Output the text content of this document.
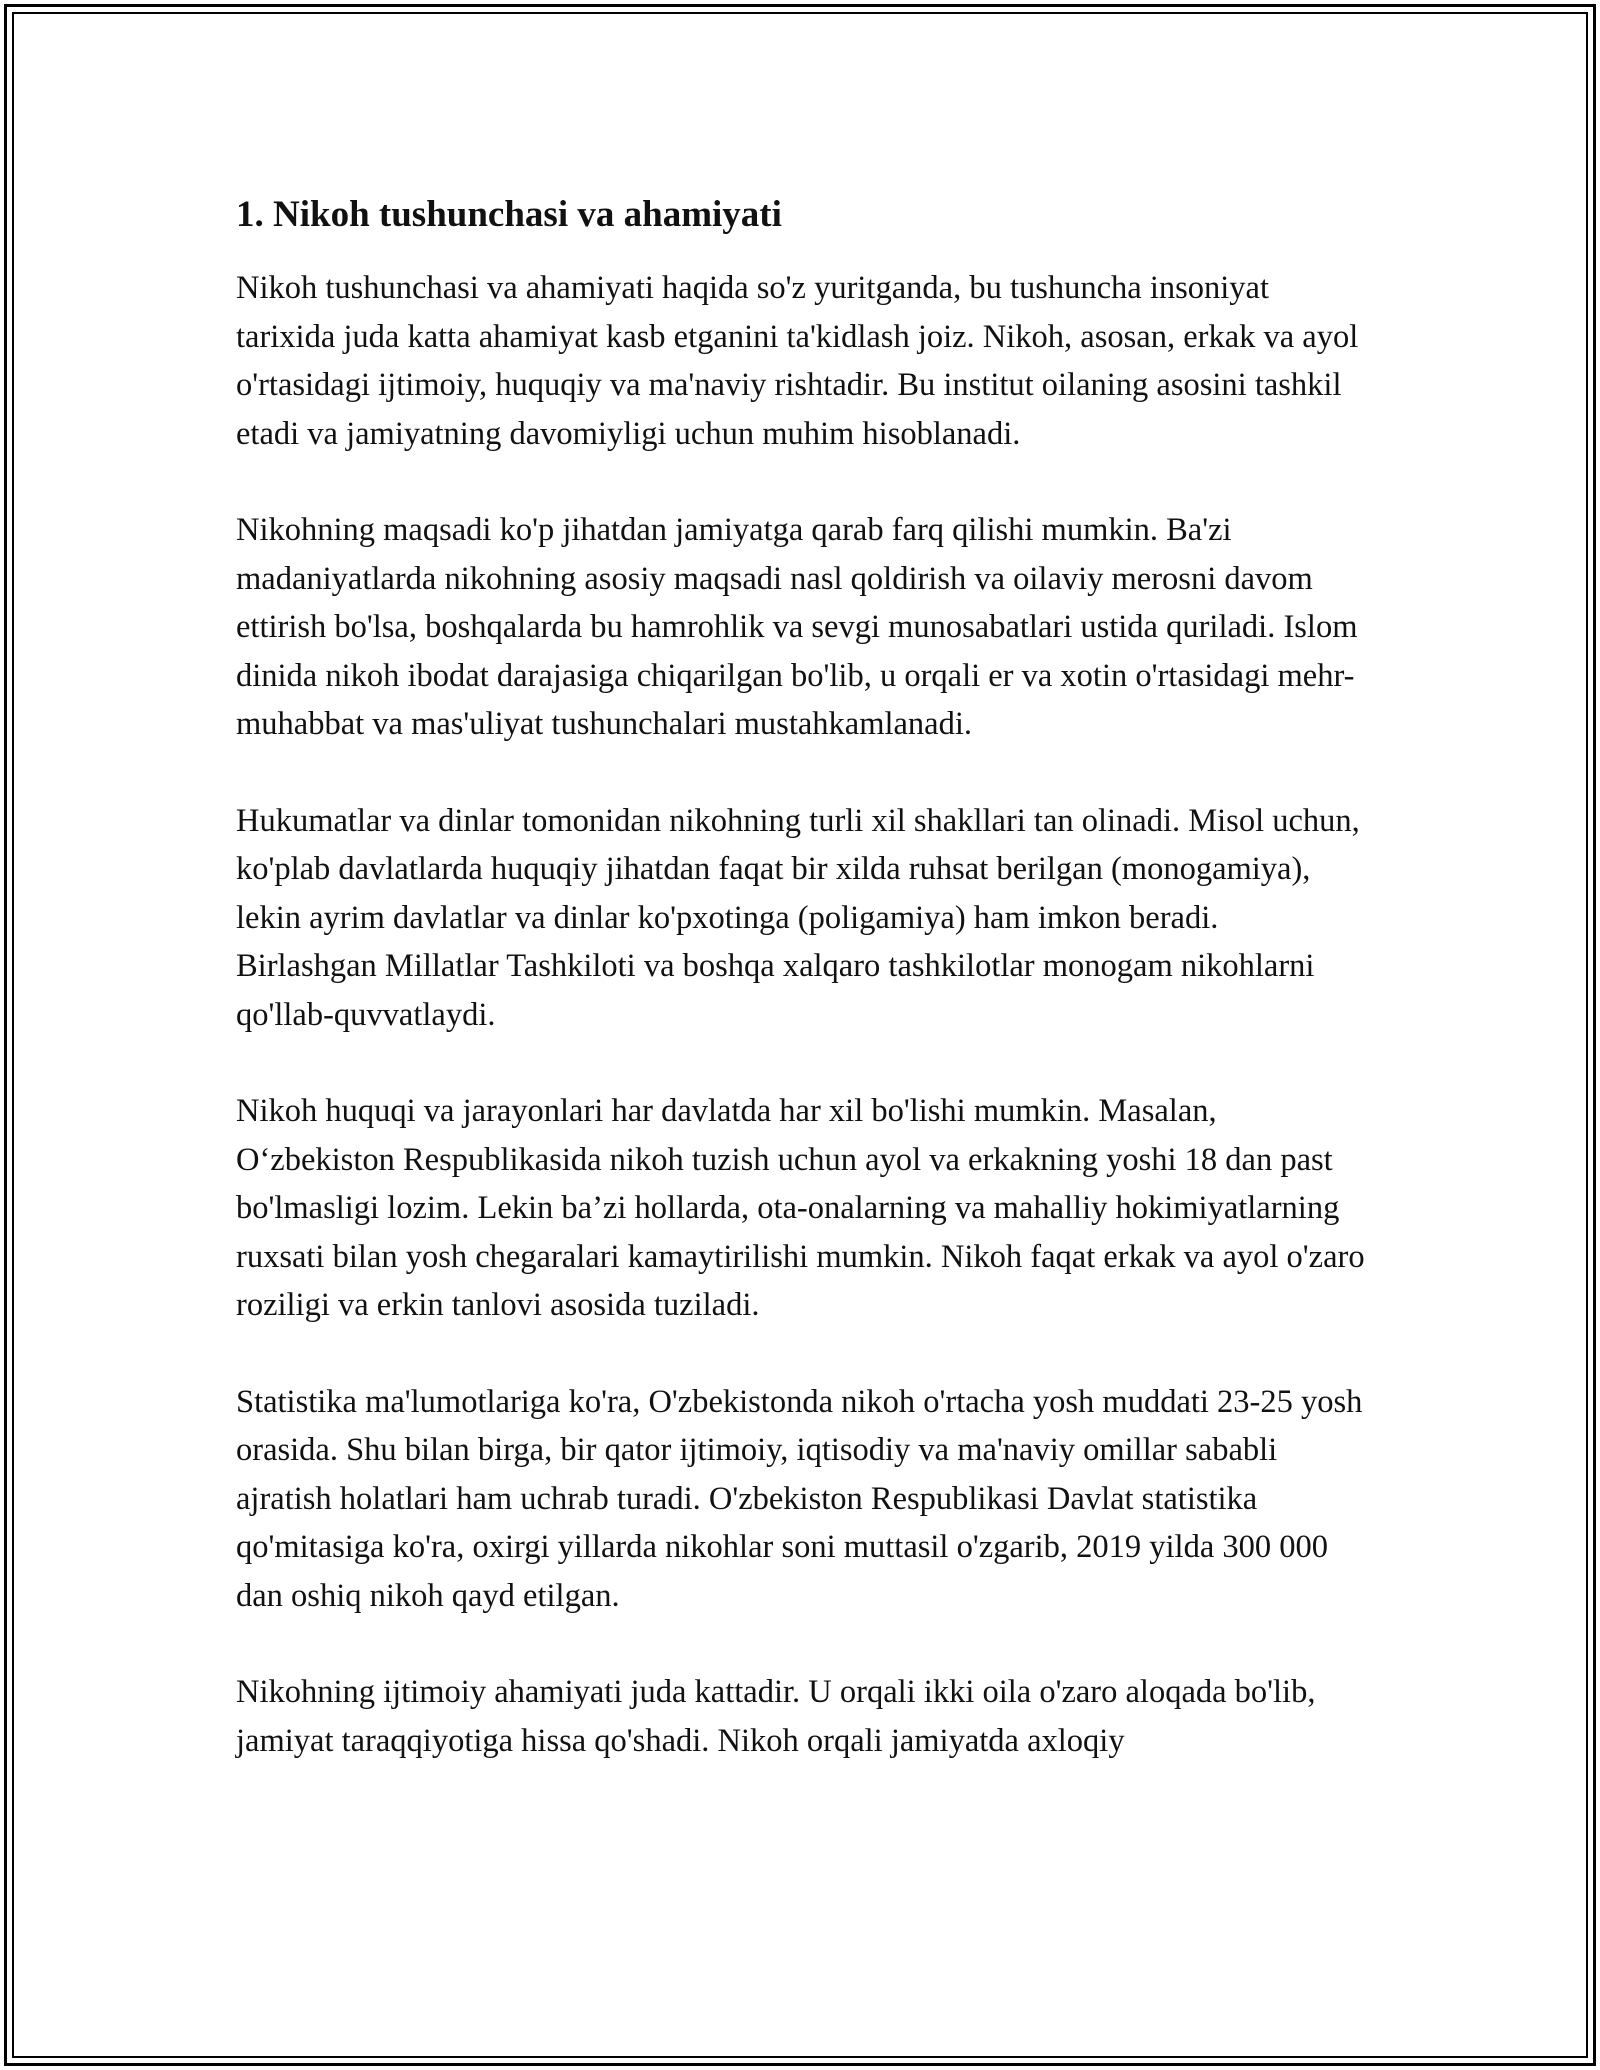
1. Nikoh tushunchasi va ahamiyati

Nikoh tushunchasi va ahamiyati haqida so'z yuritganda, bu tushuncha insoniyat tarixida juda katta ahamiyat kasb etganini ta'kidlash joiz. Nikoh, asosan, erkak va ayol o'rtasidagi ijtimoiy, huquqiy va ma'naviy rishtadir. Bu institut oilaning asosini tashkil etadi va jamiyatning davomiyligi uchun muhim hisoblanadi.

Nikohning maqsadi ko'p jihatdan jamiyatga qarab farq qilishi mumkin. Ba'zi madaniyatlarda nikohning asosiy maqsadi nasl qoldirish va oilaviy merosni davom ettirish bo'lsa, boshqalarda bu hamrohlik va sevgi munosabatlari ustida quriladi. Islom dinida nikoh ibodat darajasiga chiqarilgan bo'lib, u orqali er va xotin o'rtasidagi mehr-muhabbat va mas'uliyat tushunchalari mustahkamlanadi.

Hukumatlar va dinlar tomonidan nikohning turli xil shakllari tan olinadi. Misol uchun, ko'plab davlatlarda huquqiy jihatdan faqat bir xilda ruhsat berilgan (monogamiya), lekin ayrim davlatlar va dinlar ko'pxotinga (poligamiya) ham imkon beradi. Birlashgan Millatlar Tashkiloti va boshqa xalqaro tashkilotlar monogam nikohlarni qo'llab-quvvatlaydi.

Nikoh huquqi va jarayonlari har davlatda har xil bo'lishi mumkin. Masalan, O‘zbekiston Respublikasida nikoh tuzish uchun ayol va erkakning yoshi 18 dan past bo'lmasligi lozim. Lekin ba’zi hollarda, ota-onalarning va mahalliy hokimiyatlarning ruxsati bilan yosh chegaralari kamaytirilishi mumkin. Nikoh faqat erkak va ayol o'zaro roziligi va erkin tanlovi asosida tuziladi.

Statistika ma'lumotlariga ko'ra, O'zbekistonda nikoh o'rtacha yosh muddati 23-25 yosh orasida. Shu bilan birga, bir qator ijtimoiy, iqtisodiy va ma'naviy omillar sababli ajratish holatlari ham uchrab turadi. O'zbekiston Respublikasi Davlat statistika qo'mitasiga ko'ra, oxirgi yillarda nikohlar soni muttasil o'zgarib, 2019 yilda 300 000 dan oshiq nikoh qayd etilgan.

Nikohning ijtimoiy ahamiyati juda kattadir. U orqali ikki oila o'zaro aloqada bo'lib, jamiyat taraqqiyotiga hissa qo'shadi. Nikoh orqali jamiyatda axloqiy
